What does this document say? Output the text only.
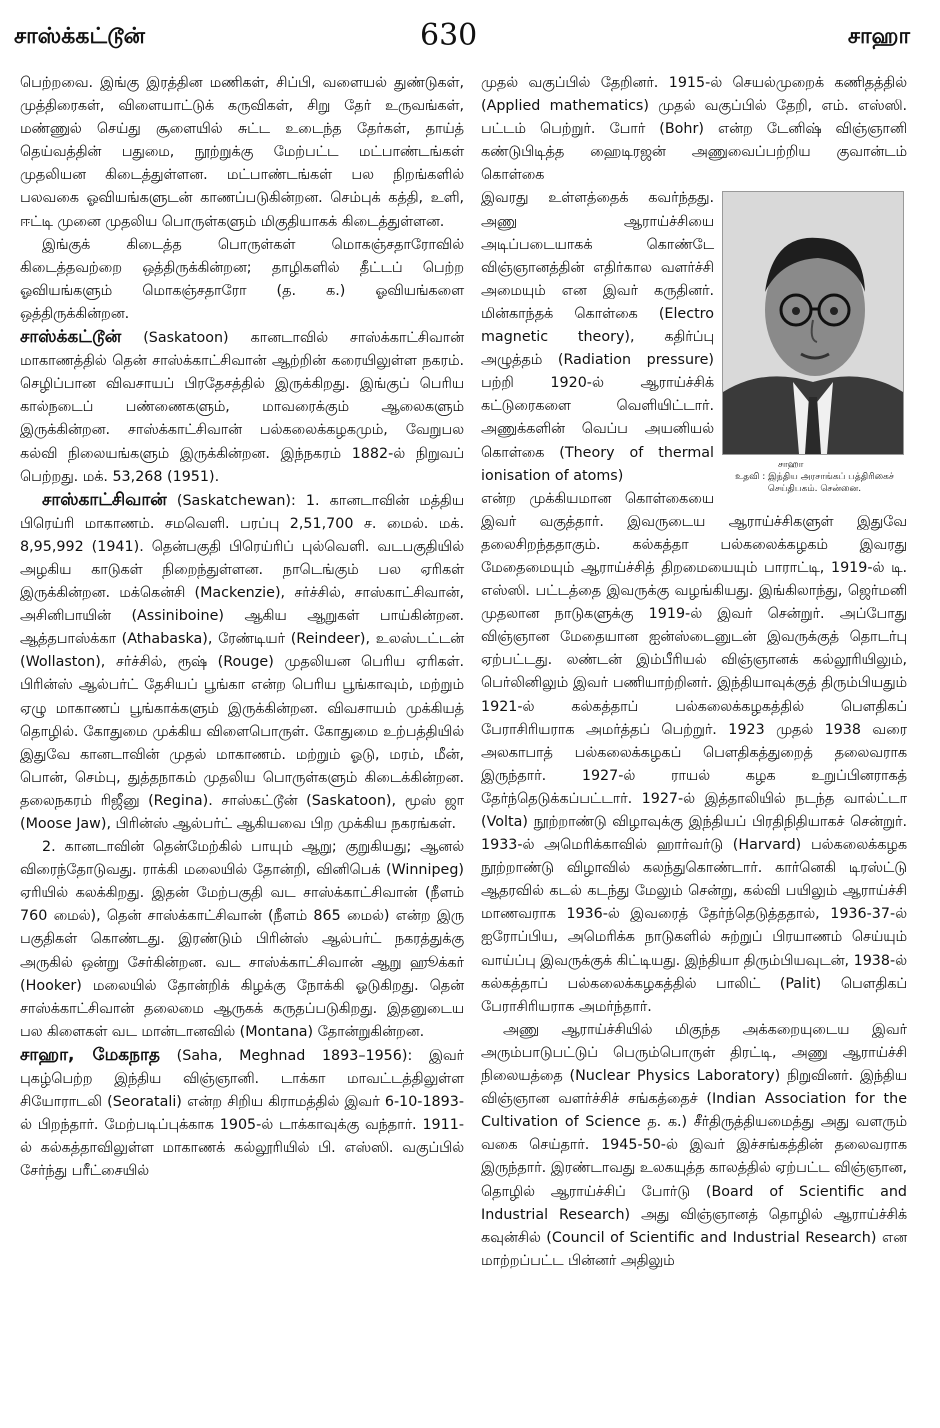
சாஸ்க்கட்டூன்	630	சாஹா

பெற்றவை. இங்கு இரத்தின மணிகள், சிப்பி, வளையல் துண்டுகள், முத்திரைகள், விளையாட்டுக் கருவிகள், சிறு தேர் உருவங்கள், மண்ணுல் செய்து சூளையில் சுட்ட உடைந்த தேர்கள், தாய்த் தெய்வத்தின் பதுமை, நூற்றுக்கு மேற்பட்ட மட்பாண்டங்கள் முதலியன கிடைத்துள்ளன. மட்பாண்டங்கள் பல நிறங்களில் பலவகை ஓவியங்களுடன் காணப்படுகின்றன. செம்புக் கத்தி, உளி, ஈட்டி முனை முதலிய பொருள்களும் மிகுதியாகக் கிடைத்துள்ளன.

இங்குக் கிடைத்த பொருள்கள் மொகஞ்சதாரோவில் கிடைத்தவற்றை ஒத்திருக்கின்றன; தாழிகளில் தீட்டப் பெற்ற ஓவியங்களும் மொகஞ்சதாரோ (த. க.) ஓவியங்களை ஒத்திருக்கின்றன.

சாஸ்க்கட்டூன் (Saskatoon) கானடாவில் சாஸ்க்காட்சிவான் மாகாணத்தில் தென் சாஸ்க்காட்சிவான் ஆற்றின் கரையிலுள்ள நகரம். செழிப்பான விவசாயப் பிரதேசத்தில் இருக்கிறது. இங்குப் பெரிய கால்நடைப் பண்ணைகளும், மாவரைக்கும் ஆலைகளும் இருக்கின்றன. சாஸ்க்காட்சிவான் பல்கலைக்கழகமும், வேறுபல கல்வி நிலையங்களும் இருக்கின்றன. இந்நகரம் 1882-ல் நிறுவப் பெற்றது. மக். 53,268 (1951).

சாஸ்காட்சிவான் (Saskatchewan): 1. கானடாவின் மத்திய பிரெய்ரி மாகாணம். சமவெளி. பரப்பு 2,51,700 ச. மைல். மக். 8,95,992 (1941). தென்பகுதி பிரெய்ரிப் புல்வெளி. வடபகுதியில் அழகிய காடுகள் நிறைந்துள்ளன. நாடெங்கும் பல ஏரிகள் இருக்கின்றன. மக்கென்சி (Mackenzie), சர்ச்சில், சாஸ்காட்சிவான், அசினிபாயின் (Assiniboine) ஆகிய ஆறுகள் பாய்கின்றன. ஆத்தபாஸ்க்கா (Athabaska), ரேண்டியர் (Reindeer), உலஸ்டட்டன் (Wollaston), சர்ச்சில், ரூஷ் (Rouge) முதலியன பெரிய ஏரிகள். பிரின்ஸ் ஆல்பர்ட் தேசியப் பூங்கா என்ற பெரிய பூங்காவும், மற்றும் ஏழு மாகாணப் பூங்காக்களும் இருக்கின்றன. விவசாயம் முக்கியத் தொழில். கோதுமை முக்கிய விளைபொருள். கோதுமை உற்பத்தியில் இதுவே கானடாவின் முதல் மாகாணம். மற்றும் ஓடு, மரம், மீன், பொன், செம்பு, துத்தநாகம் முதலிய பொருள்களும் கிடைக்கின்றன. தலைநகரம் ரிஜீனு (Regina). சாஸ்கட்டூன் (Saskatoon), மூஸ் ஜா (Moose Jaw), பிரின்ஸ் ஆல்பர்ட் ஆகியவை பிற முக்கிய நகரங்கள்.

2. கானடாவின் தென்மேற்கில் பாயும் ஆறு; குறுகியது; ஆனல் விரைந்தோடுவது. ராக்கி மலையில் தோன்றி, வினிபெக் (Winnipeg) ஏரியில் கலக்கிறது. இதன் மேற்பகுதி வட சாஸ்க்காட்சிவான் (நீளம் 760 மைல்), தென் சாஸ்க்காட்சிவான் (நீளம் 865 மைல்) என்ற இரு பகுதிகள் கொண்டது. இரண்டும் பிரின்ஸ் ஆல்பர்ட் நகரத்துக்கு அருகில் ஒன்று சேர்கின்றன. வட சாஸ்க்காட்சிவான் ஆறு ஹூக்கர் (Hooker) மலையில் தோன்றிக் கிழக்கு நோக்கி ஓடுகிறது. தென் சாஸ்க்காட்சிவான் தலைமை ஆருகக் கருதப்படுகிறது. இதனுடைய பல கிளைகள் வட மான்டானவில் (Montana) தோன்றுகின்றன.

சாஹா, மேகநாத (Saha, Meghnad 1893–1956): இவர் புகழ்பெற்ற இந்திய விஞ்ஞானி. டாக்கா மாவட்டத்திலுள்ள சியோராடலி (Seoratali) என்ற சிறிய கிராமத்தில் இவர் 6-10-1893-ல் பிறந்தார். மேற்படிப்புக்காக 1905-ல் டாக்காவுக்கு வந்தார். 1911-ல் கல்கத்தாவிலுள்ள மாகாணக் கல்லூரியில் பி. எஸ்ஸி. வகுப்பில் சேர்ந்து பரீட்சையில்

முதல் வகுப்பில் தேறினர். 1915-ல் செயல்முறைக் கணிதத்தில் (Applied mathematics) முதல் வகுப்பில் தேறி, எம். எஸ்ஸி. பட்டம் பெற்றுர். போர் (Bohr) என்ற டேனிஷ் விஞ்ஞானி கண்டுபிடித்த ஹைடிரஜன் அணுவைப்பற்றிய குவான்டம் கொள்கை

சாஹா
உதவி : இந்திய அரசாங்கப் பத்திரிகைச் செய்திபகம். சென்னை.

இவரது உள்ளத்தைக் கவர்ந்தது. அணு ஆராய்ச்சியை அடிப்படையாகக் கொண்டே விஞ்ஞானத்தின் எதிர்கால வளர்ச்சி அமையும் என இவர் கருதினர். மின்காந்தக் கொள்கை (Electro magnetic theory), கதிர்ப்பு அழுத்தம் (Radiation pressure) பற்றி 1920-ல் ஆராய்ச்சிக் கட்டுரைகளை வெளியிட்டார். அணுக்களின் வெப்ப அயனியல் கொள்கை (Theory of thermal ionisation of atoms)

என்ற முக்கியமான கொள்கையை இவர் வகுத்தார். இவருடைய ஆராய்ச்சிகளுள் இதுவே தலைசிறந்ததாகும். கல்கத்தா பல்கலைக்கழகம் இவரது மேதைமையும் ஆராய்ச்சித் திறமையையும் பாராட்டி, 1919-ல் டி. எஸ்ஸி. பட்டத்தை இவருக்கு வழங்கியது. இங்கிலாந்து, ஜெர்மனி முதலான நாடுகளுக்கு 1919-ல் இவர் சென்றுர். அப்போது விஞ்ஞான மேதையான ஐன்ஸ்டைனுடன் இவருக்குத் தொடர்பு ஏற்பட்டது. லண்டன் இம்பீரியல் விஞ்ஞானக் கல்லூரியிலும், பெர்லினிலும் இவர் பணியாற்றினர். இந்தியாவுக்குத் திரும்பியதும் 1921-ல் கல்கத்தாப் பல்கலைக்கழகத்தில் பௌதிகப் பேராசிரியராக அமர்த்தப் பெற்றுர். 1923 முதல் 1938 வரை அலகாபாத் பல்கலைக்கழகப் பௌதிகத்துறைத் தலைவராக இருந்தார். 1927-ல் ராயல் கழக உறுப்பினராகத் தேர்ந்தெடுக்கப்பட்டார். 1927-ல் இத்தாலியில் நடந்த வால்ட்டா (Volta) நூற்றாண்டு விழாவுக்கு இந்தியப் பிரதிநிதியாகச் சென்றுர். 1933-ல் அமெரிக்காவில் ஹார்வர்டு (Harvard) பல்கலைக்கழக நூற்றாண்டு விழாவில் கலந்துகொண்டார். கார்னெகி டிரஸ்ட்டு ஆதரவில் கடல் கடந்து மேலும் சென்று, கல்வி பயிலும் ஆராய்ச்சி மாணவராக 1936-ல் இவரைத் தேர்ந்தெடுத்ததால், 1936-37-ல் ஐரோப்பிய, அமெரிக்க நாடுகளில் சுற்றுப் பிரயாணம் செய்யும் வாய்ப்பு இவருக்குக் கிட்டியது. இந்தியா திரும்பியவுடன், 1938-ல் கல்கத்தாப் பல்கலைக்கழகத்தில் பாலிட் (Palit) பௌதிகப் பேராசிரியராக அமர்ந்தார்.

அணு ஆராய்ச்சியில் மிகுந்த அக்கறையுடைய இவர் அரும்பாடுபட்டுப் பெரும்பொருள் திரட்டி, அணு ஆராய்ச்சி நிலையத்தை (Nuclear Physics Laboratory) நிறுவினர். இந்திய விஞ்ஞான வளர்ச்சிச் சங்கத்தைச் (Indian Association for the Cultivation of Science த. க.) சீர்திருத்தியமைத்து அது வளரும் வகை செய்தார். 1945-50-ல் இவர் இச்சங்கத்தின் தலைவராக இருந்தார். இரண்டாவது உலகயுத்த காலத்தில் ஏற்பட்ட விஞ்ஞான, தொழில் ஆராய்ச்சிப் போர்டு (Board of Scientific and Industrial Research) அது விஞ்ஞானத் தொழில் ஆராய்ச்சிக் கவுன்சில் (Council of Scientific and Industrial Research) என மாற்றப்பட்ட பின்னர் அதிலும்
